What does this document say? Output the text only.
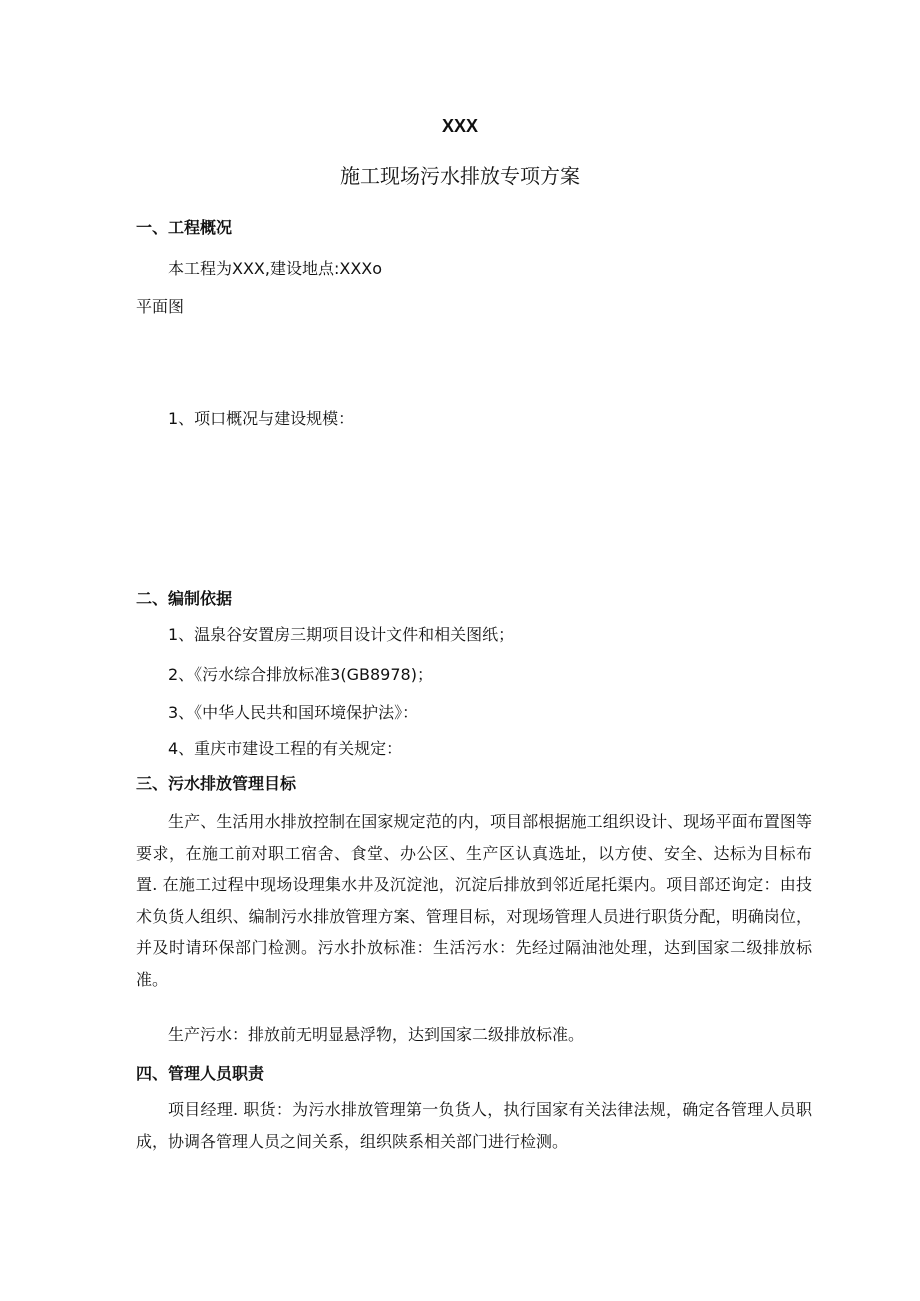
XXX
施工现场污水排放专项方案
一、工程概况
本工程为XXX,建设地点:XXXo
平面图
1、项口概况与建设规模：
二、编制依据
1、温泉谷安置房三期项目设计文件和相关图纸；
2、《污水综合排放标准3(GB8978)；
3、《中华人民共和国环境保护法》：
4、重庆市建设工程的有关规定：
三、污水排放管理目标
生产、生活用水排放控制在国家规定范的内，项目部根据施工组织设计、现场平面布置图等要求，在施工前对职工宿舍、食堂、办公区、生产区认真选址，以方使、安全、达标为目标布置. 在施工过程中现场设理集水井及沉淀池，沉淀后排放到邻近尾托渠内。项目部还询定：由技术负货人组织、编制污水排放管理方案、管理目标，对现场管理人员进行职货分配，明确岗位，并及时请环保部门检测。污水扑放标准：生活污水：先经过隔油池处理，达到国家二级排放标准。
生产污水：排放前无明显悬浮物，达到国家二级排放标准。
四、管理人员职责
项目经理. 职货：为污水排放管理第一负货人，执行国家有关法律法规，确定各管理人员职成，协调各管理人员之间关系，组织陕系相关部门进行检测。
